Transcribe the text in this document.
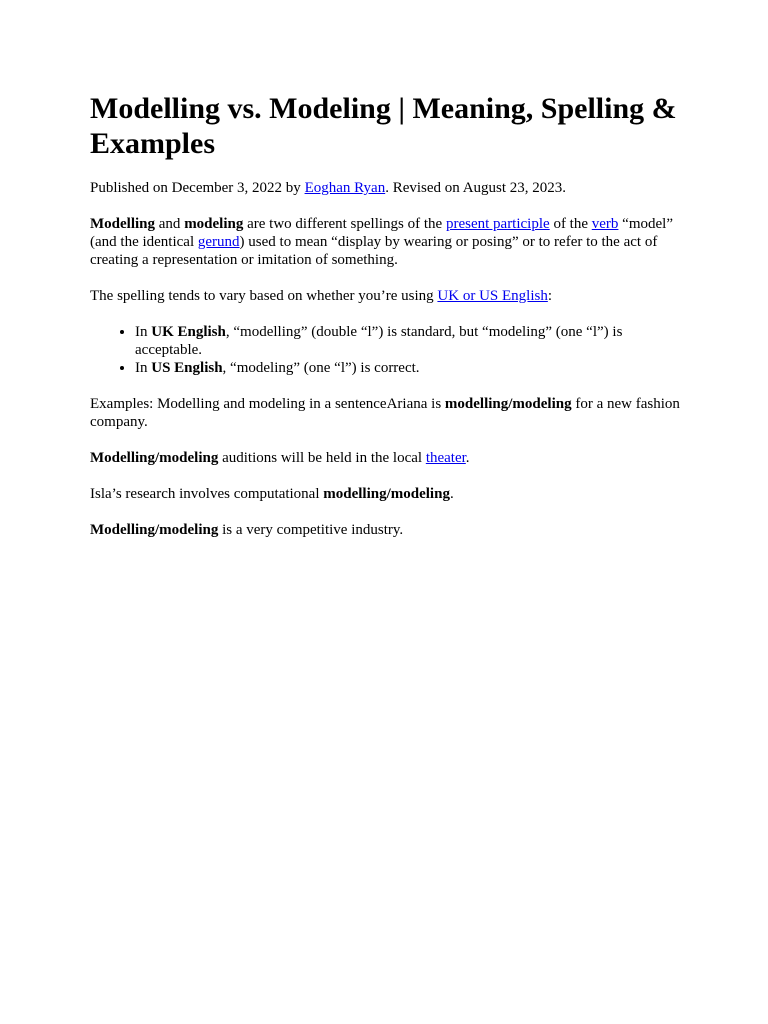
Modelling vs. Modeling | Meaning, Spelling & Examples

Published on December 3, 2022 by Eoghan Ryan. Revised on August 23, 2023.

Modelling and modeling are two different spellings of the present participle of the verb “model” (and the identical gerund) used to mean “display by wearing or posing” or to refer to the act of creating a representation or imitation of something.

The spelling tends to vary based on whether you’re using UK or US English:

• In UK English, “modelling” (double “l”) is standard, but “modeling” (one “l”) is acceptable.
• In US English, “modeling” (one “l”) is correct.

Examples: Modelling and modeling in a sentenceAriana is modelling/modeling for a new fashion company.

Modelling/modeling auditions will be held in the local theater.

Isla’s research involves computational modelling/modeling.

Modelling/modeling is a very competitive industry.
